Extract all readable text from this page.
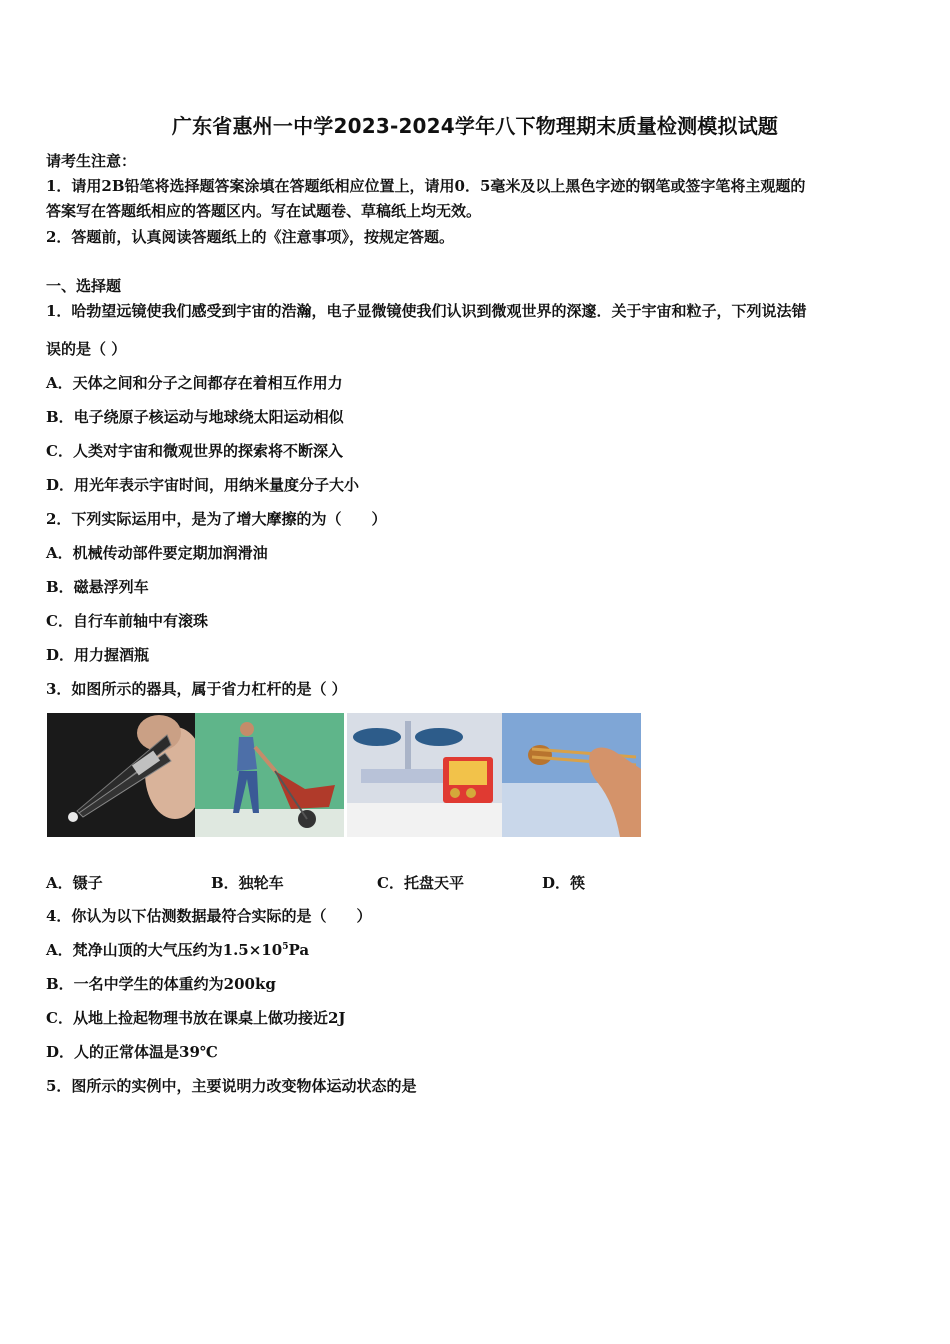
广东省惠州一中学2023-2024学年八下物理期末质量检测模拟试题
请考生注意：
1．请用2B铅笔将选择题答案涂填在答题纸相应位置上，请用0．5毫米及以上黑色字迹的钢笔或签字笔将主观题的
答案写在答题纸相应的答题区内。写在试题卷、草稿纸上均无效。
2．答题前，认真阅读答题纸上的《注意事项》，按规定答题。
一、选择题
1．哈勃望远镜使我们感受到宇宙的浩瀚，电子显微镜使我们认识到微观世界的深邃．关于宇宙和粒子，下列说法错
误的是（ ）
A．天体之间和分子之间都存在着相互作用力
B．电子绕原子核运动与地球绕太阳运动相似
C．人类对宇宙和微观世界的探索将不断深入
D．用光年表示宇宙时间，用纳米量度分子大小
2．下列实际运用中，是为了增大摩擦的为（　　）
A．机械传动部件要定期加润滑油
B．磁悬浮列车
C．自行车前轴中有滚珠
D．用力握酒瓶
3．如图所示的器具，属于省力杠杆的是（ ）
A．镊子	B．独轮车	C．托盘天平	D．筷
4．你认为以下估测数据最符合实际的是（　　）
A．梵净山顶的大气压约为$1.5\times 10^5Pa$
B．一名中学生的体重约为200kg
C．从地上捡起物理书放在课桌上做功接近2J
D．人的正常体温是39℃
5．图所示的实例中，主要说明力改变物体运动状态的是
